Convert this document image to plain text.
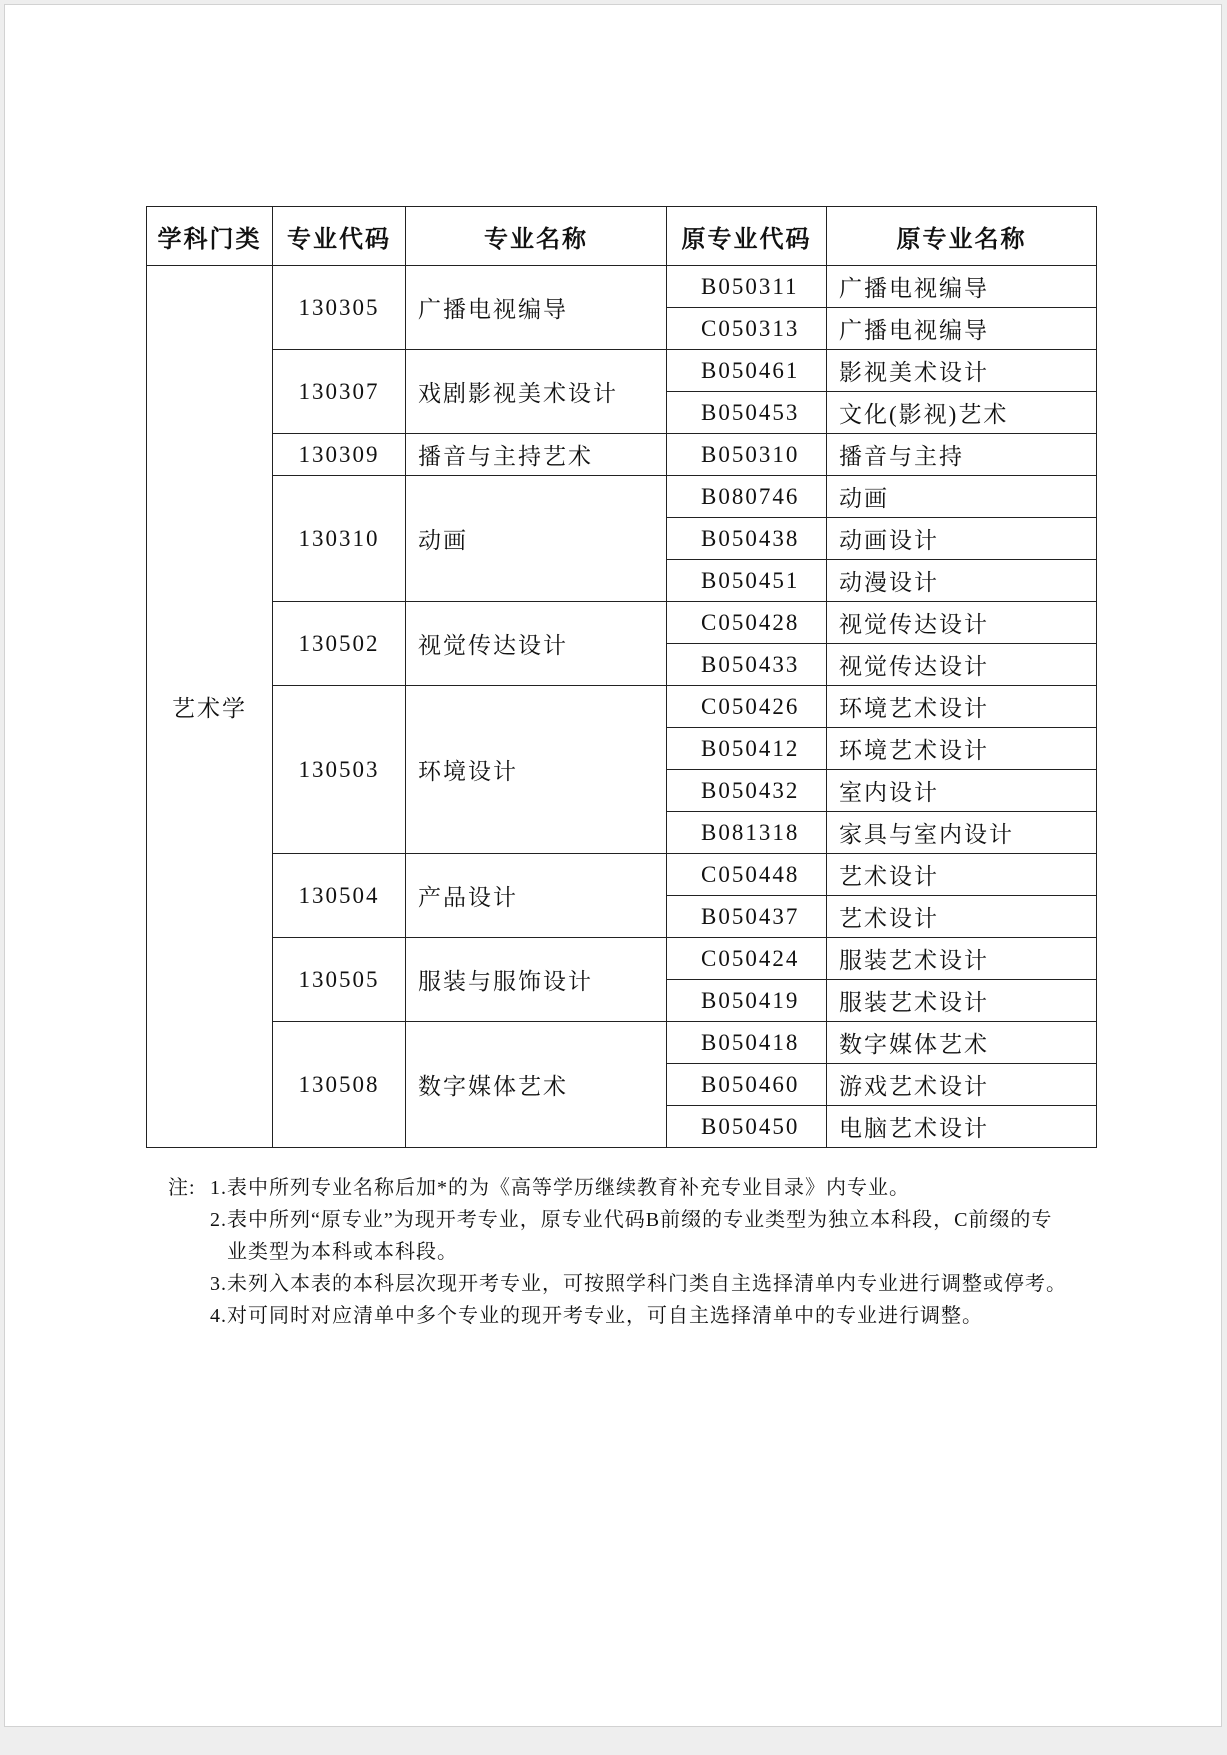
学科门类	专业代码	专业名称	原专业代码	原专业名称
艺术学	130305	广播电视编导	B050311	广播电视编导
			C050313	广播电视编导
	130307	戏剧影视美术设计	B050461	影视美术设计
			B050453	文化(影视)艺术
	130309	播音与主持艺术	B050310	播音与主持
	130310	动画	B080746	动画
			B050438	动画设计
			B050451	动漫设计
	130502	视觉传达设计	C050428	视觉传达设计
			B050433	视觉传达设计
	130503	环境设计	C050426	环境艺术设计
			B050412	环境艺术设计
			B050432	室内设计
			B081318	家具与室内设计
	130504	产品设计	C050448	艺术设计
			B050437	艺术设计
	130505	服装与服饰设计	C050424	服装艺术设计
			B050419	服装艺术设计
	130508	数字媒体艺术	B050418	数字媒体艺术
			B050460	游戏艺术设计
			B050450	电脑艺术设计
注: 1. 表中所列专业名称后加*的为《高等学历继续教育补充专业目录》内专业。
2. 表中所列“原专业”为现开考专业，原专业代码B前缀的专业类型为独立本科段，C前缀的专业类型为本科或本科段。
3. 未列入本表的本科层次现开考专业，可按照学科门类自主选择清单内专业进行调整或停考。
4. 对可同时对应清单中多个专业的现开考专业，可自主选择清单中的专业进行调整。
